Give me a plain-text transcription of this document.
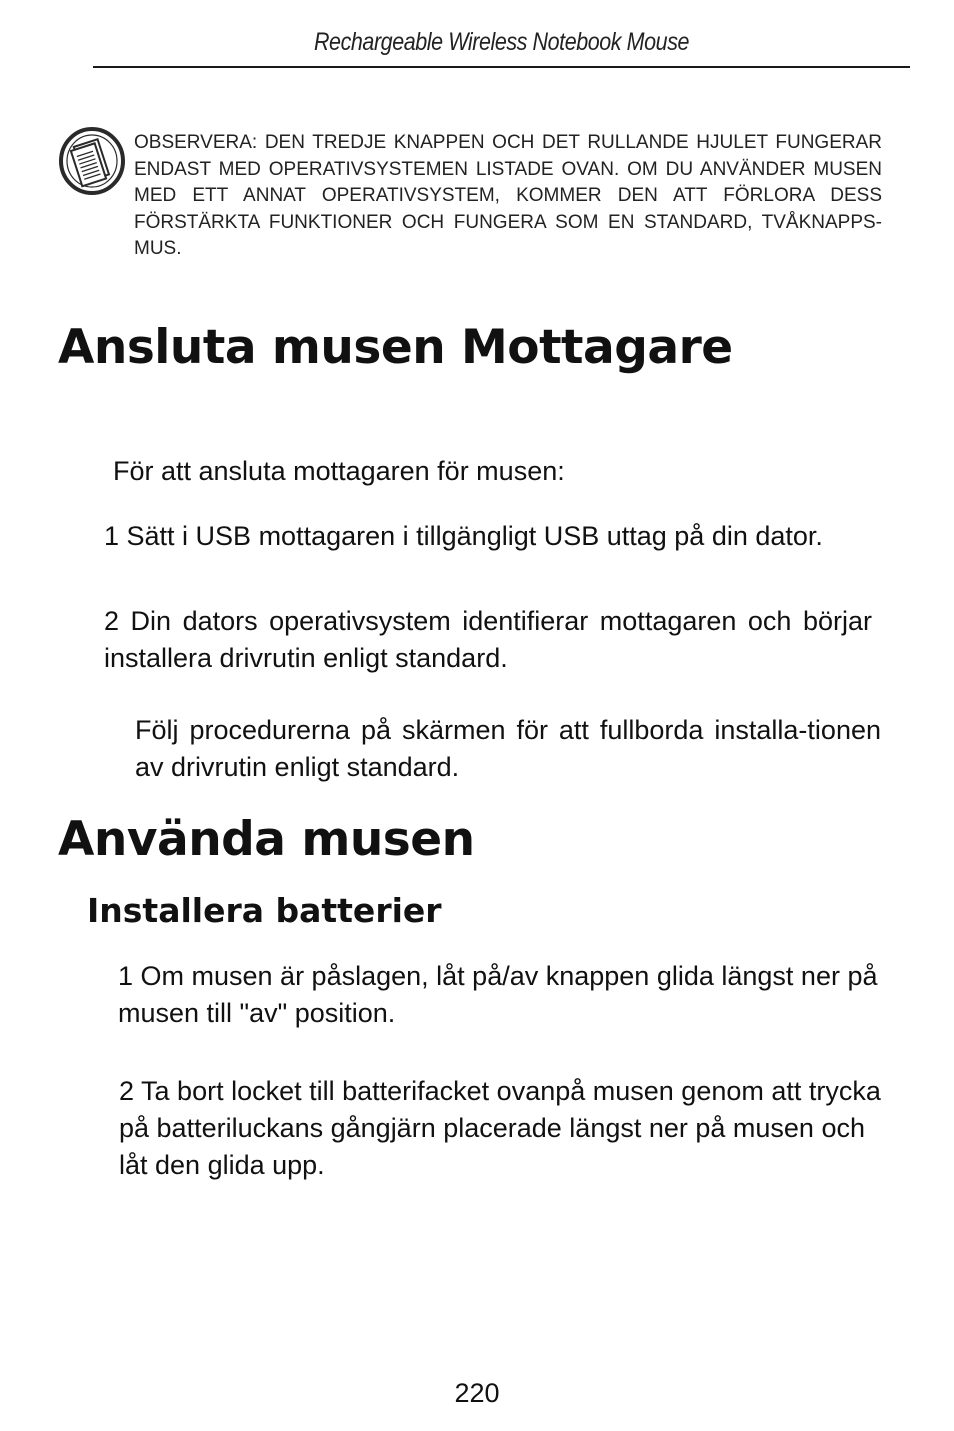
Rechargeable Wireless Notebook Mouse
OBSERVERA: DEN TREDJE KNAPPEN OCH DET RULLANDE HJULET FUNGERAR
ENDAST MED OPERATIVSYSTEMEN LISTADE OVAN. OM DU ANVÄNDER MUSEN
MED ETT ANNAT OPERATIVSYSTEM, KOMMER DEN ATT FÖRLORA DESS
FÖRSTÄRKTA FUNKTIONER OCH FUNGERA SOM EN STANDARD, TVÅKNAPPS-
MUS.
Ansluta musen Mottagare
För att ansluta mottagaren för musen:
1 Sätt i USB mottagaren i tillgängligt USB uttag på din dator.
2 Din dators operativsystem identifierar mottagaren och börjar installera drivrutin enligt standard.
Följ procedurerna på skärmen för att fullborda installa-tionen av drivrutin enligt standard.
Använda musen
Installera batterier
1 Om musen är påslagen, låt på/av knappen glida längst ner på musen till "av" position.
2 Ta bort locket till batterifacket ovanpå musen genom att trycka på batteriluckans gångjärn placerade längst ner på musen och låt den glida upp.
220
